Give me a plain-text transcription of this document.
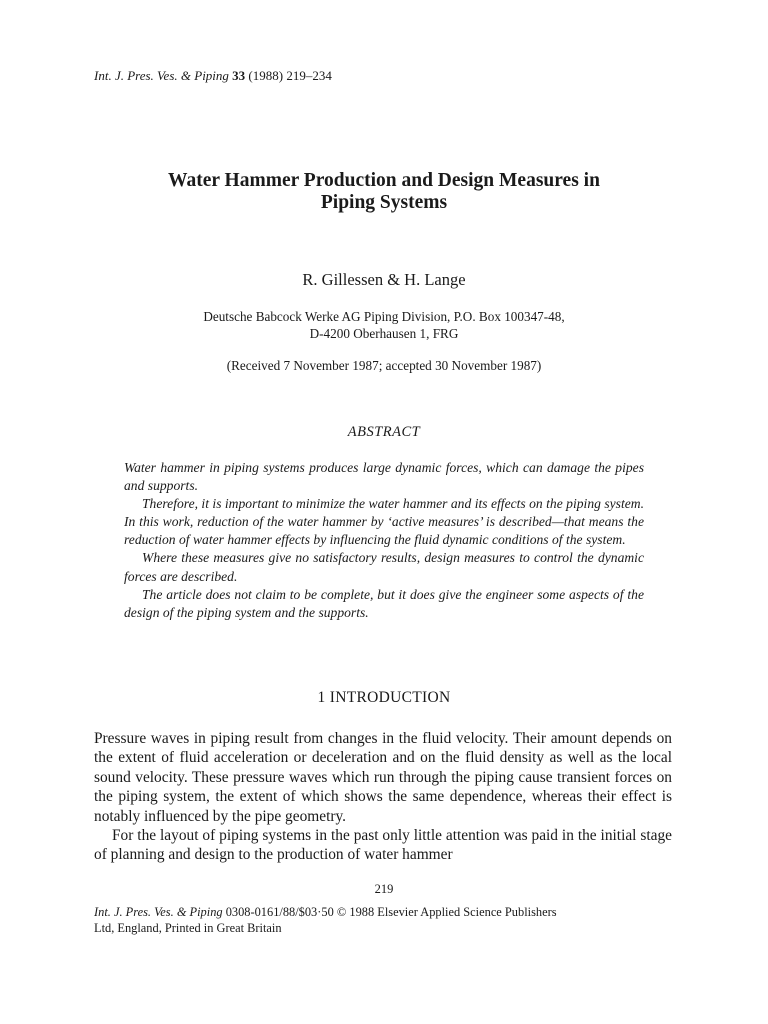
Int. J. Pres. Ves. & Piping 33 (1988) 219–234
Water Hammer Production and Design Measures in
Piping Systems
R. Gillessen & H. Lange
Deutsche Babcock Werke AG Piping Division, P.O. Box 100347-48,
D-4200 Oberhausen 1, FRG
(Received 7 November 1987; accepted 30 November 1987)
ABSTRACT

Water hammer in piping systems produces large dynamic forces, which can damage the pipes and supports.

Therefore, it is important to minimize the water hammer and its effects on the piping system. In this work, reduction of the water hammer by ‘active measures’ is described—that means the reduction of water hammer effects by influencing the fluid dynamic conditions of the system.

Where these measures give no satisfactory results, design measures to control the dynamic forces are described.

The article does not claim to be complete, but it does give the engineer some aspects of the design of the piping system and the supports.

1 INTRODUCTION

Pressure waves in piping result from changes in the fluid velocity. Their amount depends on the extent of fluid acceleration or deceleration and on the fluid density as well as the local sound velocity. These pressure waves which run through the piping cause transient forces on the piping system, the extent of which shows the same dependence, whereas their effect is notably influenced by the pipe geometry.

For the layout of piping systems in the past only little attention was paid in the initial stage of planning and design to the production of water hammer

219
Int. J. Pres. Ves. & Piping 0308-0161/88/$03·50 © 1988 Elsevier Applied Science Publishers
Ltd, England, Printed in Great Britain
